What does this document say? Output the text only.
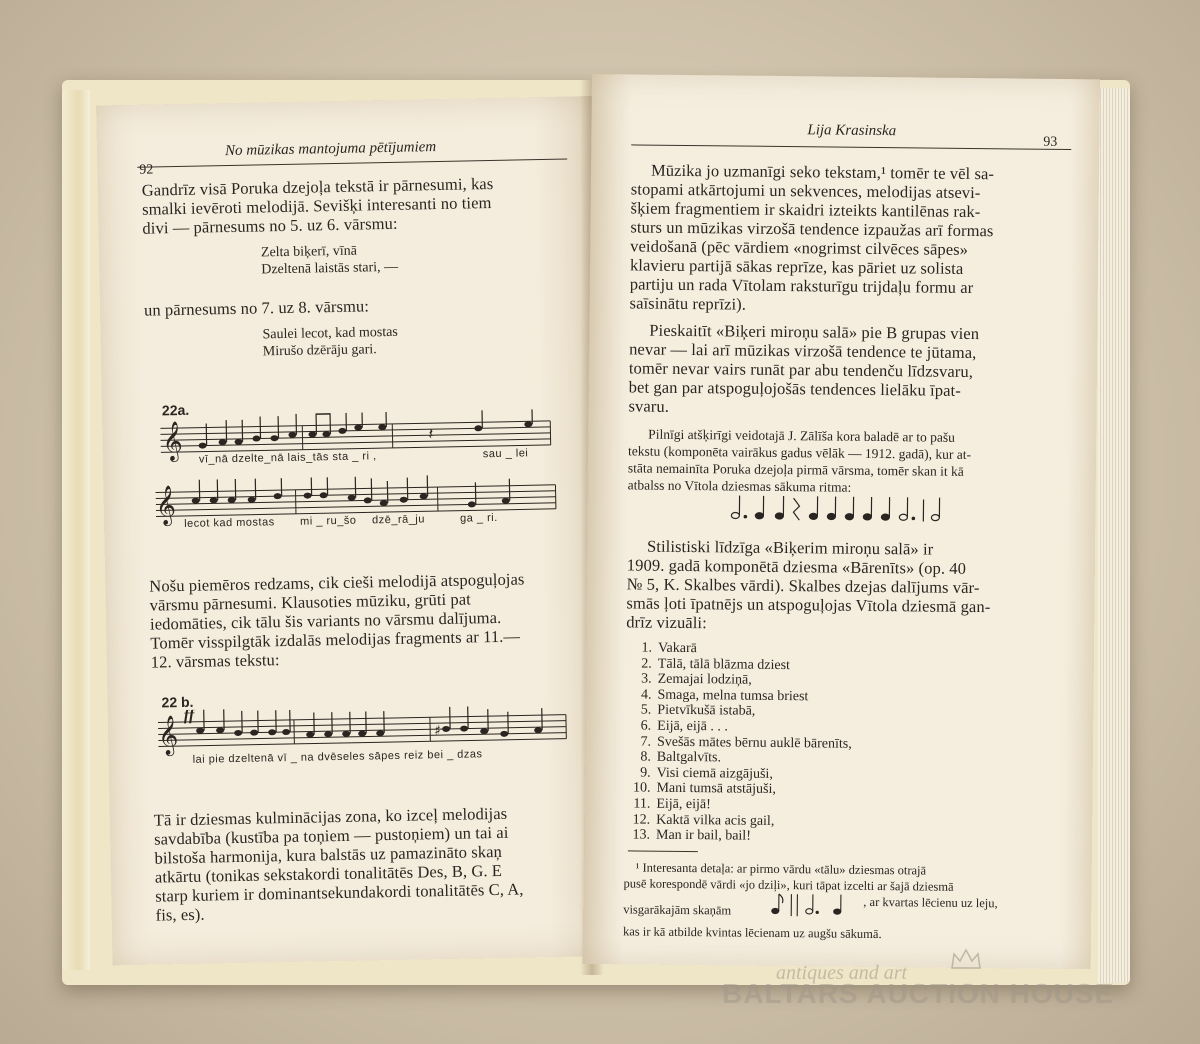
92
No mūzikas mantojuma pētījumiem
Gandrīz visā Poruka dzejoļa tekstā ir pārnesumi, kas
smalki ievēroti melodijā. Sevišķi interesanti no tiem
divi — pārnesums no 5. uz 6. vārsmu:
Zelta biķerī, vīnā
Dzeltenā laistās stari, —
un pārnesums no 7. uz 8. vārsmu:
Saulei lecot, kad mostas
Mirušo dzērāju gari.
22a.
𝄞	𝄽
vī_nā dzelte_nā lais_tās sta _ ri ,	sau _ lei
𝄞 lecot kad mostas mi _ ru_šo dzē_rā_ju	ga _ ri.
Nošu piemēros redzams, cik cieši melodijā atspoguļojas
vārsmu pārnesumi. Klausoties mūziku, grūti pat
iedomāties, cik tālu šis variants no vārsmu dalījuma.
Tomēr visspilgtāk izdalās melodijas fragments ar 11.—
12. vārsmas tekstu:
22 b.
𝄞 ff
♯
lai pie dzeltenā vī _ na dvēseles sāpes reiz bei _ dzas
Tā ir dziesmas kulminācijas zona, ko izceļ melodijas
savdabība (kustība pa toņiem — pustoņiem) un tai ai
bilstoša harmonija, kura balstās uz pamazināto skaņ
atkārtu (tonikas sekstakordi tonalitātēs Des, B, G. E
starp kuriem ir dominantsekundakordi tonalitātēs C, A,
fis, es).
Lija Krasinska
93
Mūzika jo uzmanīgi seko tekstam,¹ tomēr te vēl sa-
stopami atkārtojumi un sekvences, melodijas atsevi-
šķiem fragmentiem ir skaidri izteikts kantilēnas rak-
sturs un mūzikas virzošā tendence izpaužas arī formas
veidošanā (pēc vārdiem «nogrimst cilvēces sāpes»
klavieru partijā sākas reprīze, kas pāriet uz solista
partiju un rada Vītolam raksturīgu trijdaļu formu ar
saīsinātu reprīzi).
Pieskaitīt «Biķeri miroņu salā» pie B grupas vien
nevar — lai arī mūzikas virzošā tendence te jūtama,
tomēr nevar vairs runāt par abu tendenču līdzsvaru,
bet gan par atspoguļojošās tendences lielāku īpat-
svaru.
Pilnīgi atšķirīgi veidotajā J. Zālīša kora baladē ar to pašu
tekstu (komponēta vairākus gadus vēlāk — 1912. gadā), kur at-
stāta nemainīta Poruka dzejoļa pirmā vārsma, tomēr skan it kā
atbalss no Vītola dziesmas sākuma ritma:
Stilistiski līdzīga «Biķerim miroņu salā» ir
1909. gadā komponētā dziesma «Bārenīts» (op. 40
№ 5, K. Skalbes vārdi). Skalbes dzejas dalījums vār-
smās ļoti īpatnējs un atspoguļojas Vītola dziesmā gan-
drīz vizuāli:
1. Vakarā
2. Tālā, tālā blāzma dziest
3. Zemajai lodziņā,
4. Smaga, melna tumsa briest
5. Pietvīkušā istabā,
6. Eijā, eijā . . .
7. Svešās mātes bērnu auklē bārenīts,
8. Baltgalvīts.
9. Visi ciemā aizgājuši,
10. Mani tumsā atstājuši,
11. Eijā, eijā!
12. Kaktā vilka acis gail,
13. Man ir bail, bail!
¹ Interesanta detaļa: ar pirmo vārdu «tālu» dziesmas otrajā
pusē korespondē vārdi «jo dziļi», kuri tāpat izcelti ar šajā dziesmā
visgarākajām skaņām	, ar kvartas lēcienu uz leju,
kas ir kā atbilde kvintas lēcienam uz augšu sākumā.
antiques and art
BALTARS AUCTION HOUSE
